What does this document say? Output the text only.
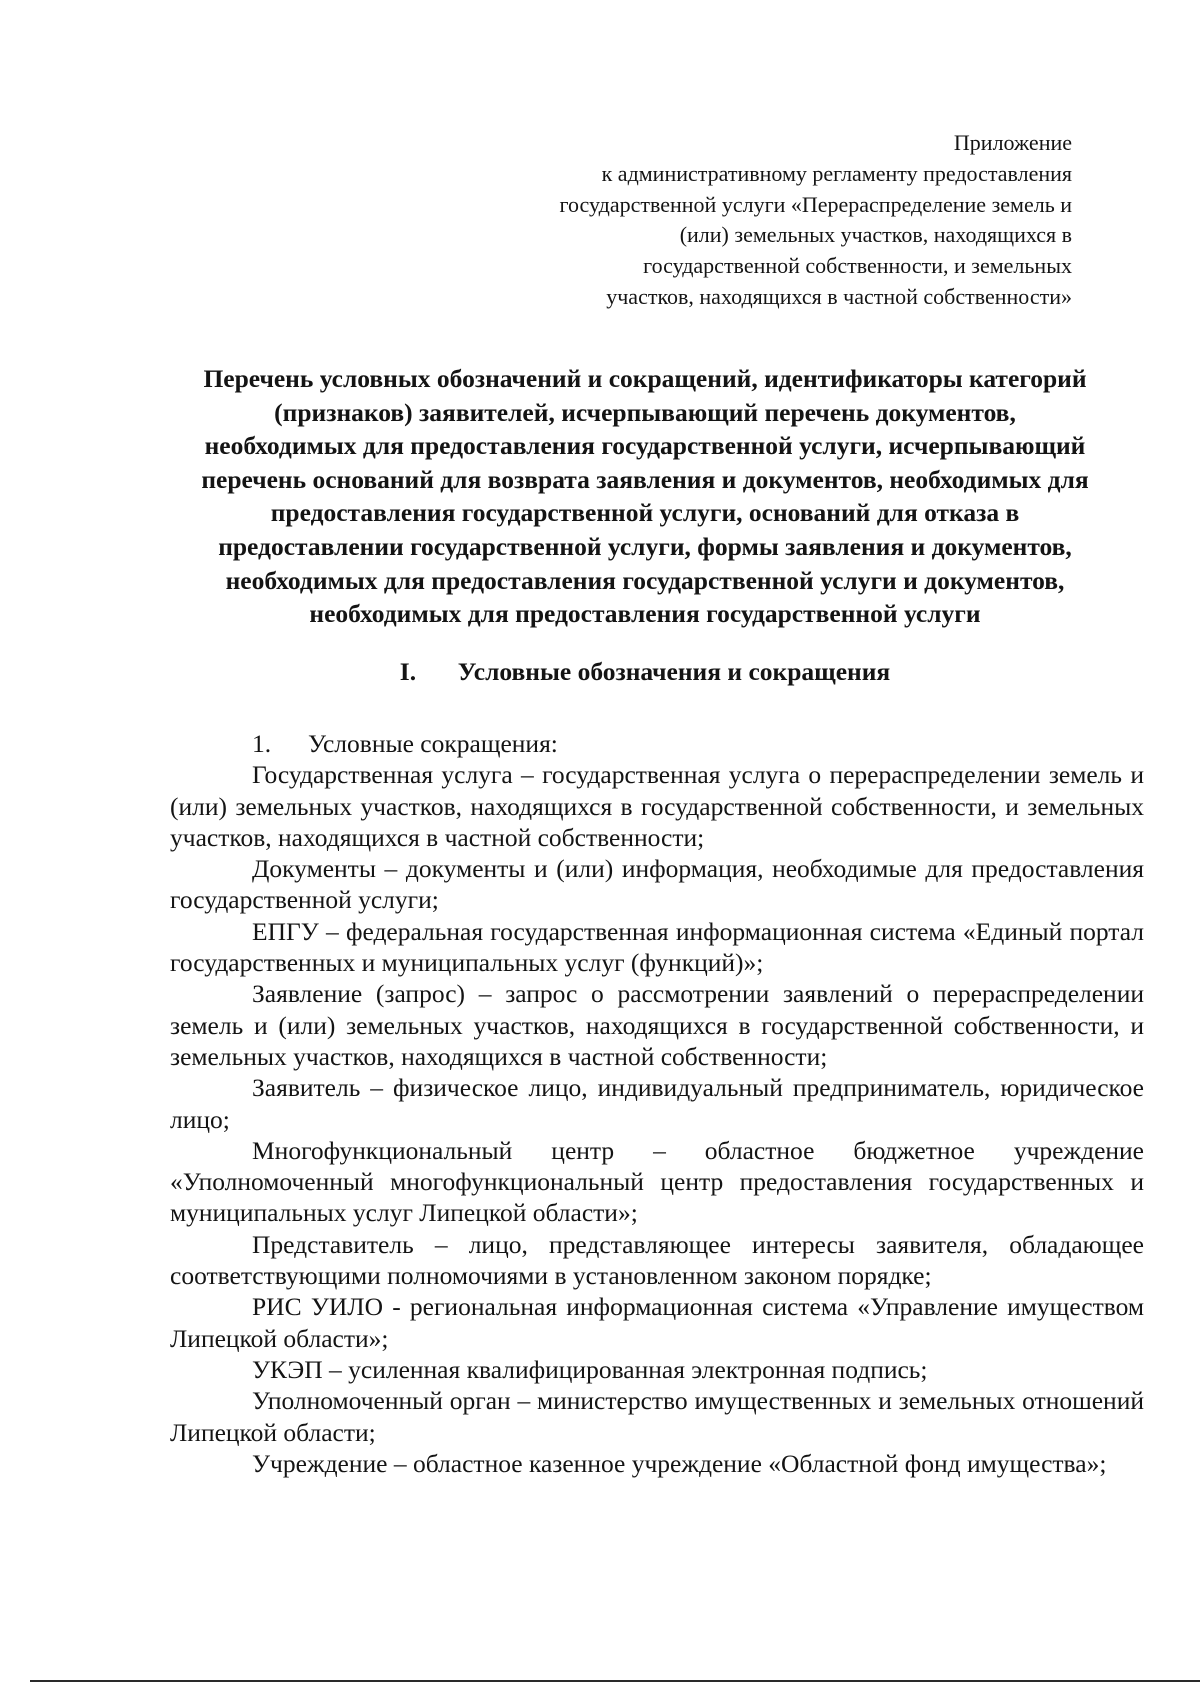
Приложение
к административному регламенту предоставления
государственной услуги «Перераспределение земель и
(или) земельных участков, находящихся в
государственной собственности, и земельных
участков, находящихся в частной собственности»
Перечень условных обозначений и сокращений, идентификаторы категорий
(признаков) заявителей, исчерпывающий перечень документов,
необходимых для предоставления государственной услуги, исчерпывающий
перечень оснований для возврата заявления и документов, необходимых для
предоставления государственной услуги, оснований для отказа в
предоставлении государственной услуги, формы заявления и документов,
необходимых для предоставления государственной услуги и документов,
необходимых для предоставления государственной услуги
I. Условные обозначения и сокращения

1. Условные сокращения:

Государственная услуга – государственная услуга о перераспределении земель и (или) земельных участков, находящихся в государственной собственности, и земельных участков, находящихся в частной собственности;

Документы – документы и (или) информация, необходимые для предоставления государственной услуги;

ЕПГУ – федеральная государственная информационная система «Единый портал государственных и муниципальных услуг (функций)»;

Заявление (запрос) – запрос о рассмотрении заявлений о перераспределении земель и (или) земельных участков, находящихся в государственной собственности, и земельных участков, находящихся в частной собственности;

Заявитель – физическое лицо, индивидуальный предприниматель, юридическое лицо;

Многофункциональный центр – областное бюджетное учреждение «Уполномоченный многофункциональный центр предоставления государственных и муниципальных услуг Липецкой области»;

Представитель – лицо, представляющее интересы заявителя, обладающее соответствующими полномочиями в установленном законом порядке;

РИС УИЛО - региональная информационная система «Управление имуществом Липецкой области»;

УКЭП – усиленная квалифицированная электронная подпись;

Уполномоченный орган – министерство имущественных и земельных отношений Липецкой области;

Учреждение – областное казенное учреждение «Областной фонд имущества»;
